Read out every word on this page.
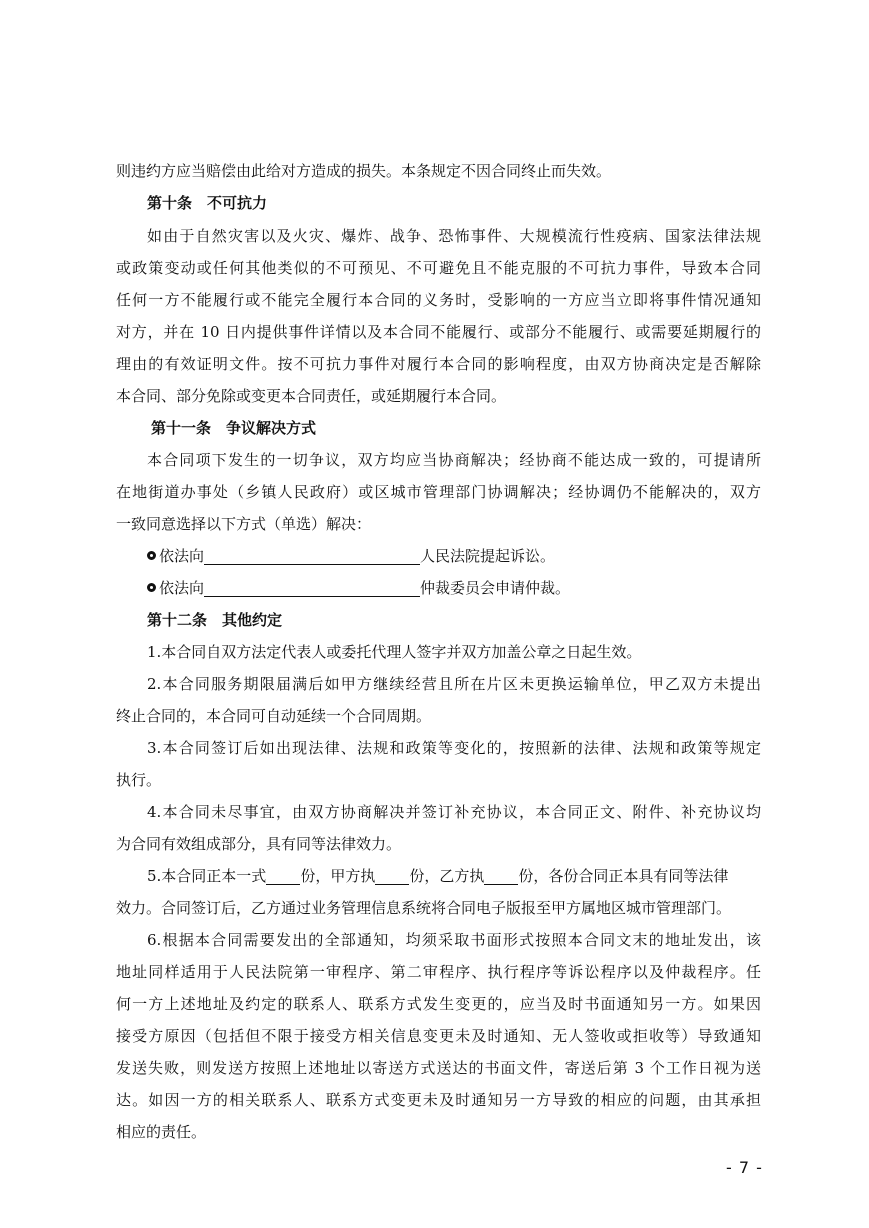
则违约方应当赔偿由此给对方造成的损失。本条规定不因合同终止而失效。
第十条　不可抗力
如由于自然灾害以及火灾、爆炸、战争、恐怖事件、大规模流行性疫病、国家法律法规
或政策变动或任何其他类似的不可预见、不可避免且不能克服的不可抗力事件，导致本合同
任何一方不能履行或不能完全履行本合同的义务时，受影响的一方应当立即将事件情况通知
对方，并在 10 日内提供事件详情以及本合同不能履行、或部分不能履行、或需要延期履行的
理由的有效证明文件。按不可抗力事件对履行本合同的影响程度，由双方协商决定是否解除
本合同、部分免除或变更本合同责任，或延期履行本合同。
第十一条　争议解决方式
本合同项下发生的一切争议，双方均应当协商解决；经协商不能达成一致的，可提请所
在地街道办事处（乡镇人民政府）或区城市管理部门协调解决；经协调仍不能解决的，双方
一致同意选择以下方式（单选）解决：
依法向	人民法院提起诉讼。
依法向	仲裁委员会申请仲裁。
第十二条　其他约定
1.本合同自双方法定代表人或委托代理人签字并双方加盖公章之日起生效。
2.本合同服务期限届满后如甲方继续经营且所在片区未更换运输单位，甲乙双方未提出
终止合同的，本合同可自动延续一个合同周期。
3.本合同签订后如出现法律、法规和政策等变化的，按照新的法律、法规和政策等规定
执行。
4.本合同未尽事宜，由双方协商解决并签订补充协议，本合同正文、附件、补充协议均
为合同有效组成部分，具有同等法律效力。
5.本合同正本一式 份，甲方执 份，乙方执 份，各份合同正本具有同等法律
效力。合同签订后，乙方通过业务管理信息系统将合同电子版报至甲方属地区城市管理部门。
6.根据本合同需要发出的全部通知，均须采取书面形式按照本合同文末的地址发出，该
地址同样适用于人民法院第一审程序、第二审程序、执行程序等诉讼程序以及仲裁程序。任
何一方上述地址及约定的联系人、联系方式发生变更的，应当及时书面通知另一方。如果因
接受方原因（包括但不限于接受方相关信息变更未及时通知、无人签收或拒收等）导致通知
发送失败，则发送方按照上述地址以寄送方式送达的书面文件，寄送后第 3 个工作日视为送
达。如因一方的相关联系人、联系方式变更未及时通知另一方导致的相应的问题，由其承担
相应的责任。
- 7 -
